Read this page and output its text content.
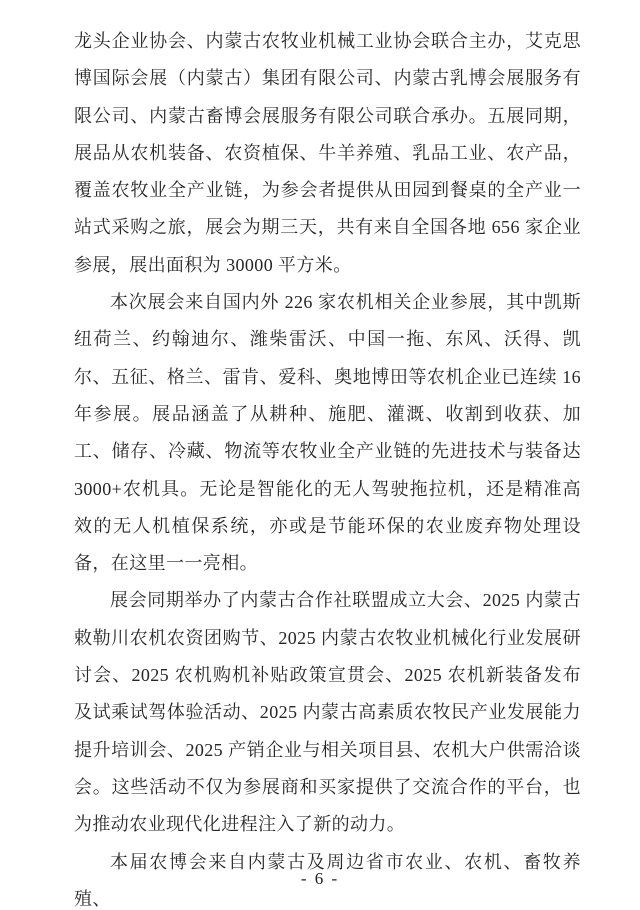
龙头企业协会、内蒙古农牧业机械工业协会联合主办，艾克思博国际会展（内蒙古）集团有限公司、内蒙古乳博会展服务有限公司、内蒙古畜博会展服务有限公司联合承办。五展同期，展品从农机装备、农资植保、牛羊养殖、乳品工业、农产品，覆盖农牧业全产业链，为参会者提供从田园到餐桌的全产业一站式采购之旅，展会为期三天，共有来自全国各地 656 家企业参展，展出面积为 30000 平方米。

本次展会来自国内外 226 家农机相关企业参展，其中凯斯纽荷兰、约翰迪尔、潍柴雷沃、中国一拖、东风、沃得、凯尔、五征、格兰、雷肯、爱科、奥地博田等农机企业已连续 16 年参展。展品涵盖了从耕种、施肥、灌溉、收割到收获、加工、储存、冷藏、物流等农牧业全产业链的先进技术与装备达 3000+农机具。无论是智能化的无人驾驶拖拉机，还是精准高效的无人机植保系统，亦或是节能环保的农业废弃物处理设备，在这里一一亮相。

展会同期举办了内蒙古合作社联盟成立大会、2025 内蒙古敕勒川农机农资团购节、2025 内蒙古农牧业机械化行业发展研讨会、2025 农机购机补贴政策宣贯会、2025 农机新装备发布及试乘试驾体验活动、2025 内蒙古高素质农牧民产业发展能力提升培训会、2025 产销企业与相关项目县、农机大户供需洽谈会。这些活动不仅为参展商和买家提供了交流合作的平台，也为推动农业现代化进程注入了新的动力。

本届农博会来自内蒙古及周边省市农业、农机、畜牧养殖、

- 6 -
